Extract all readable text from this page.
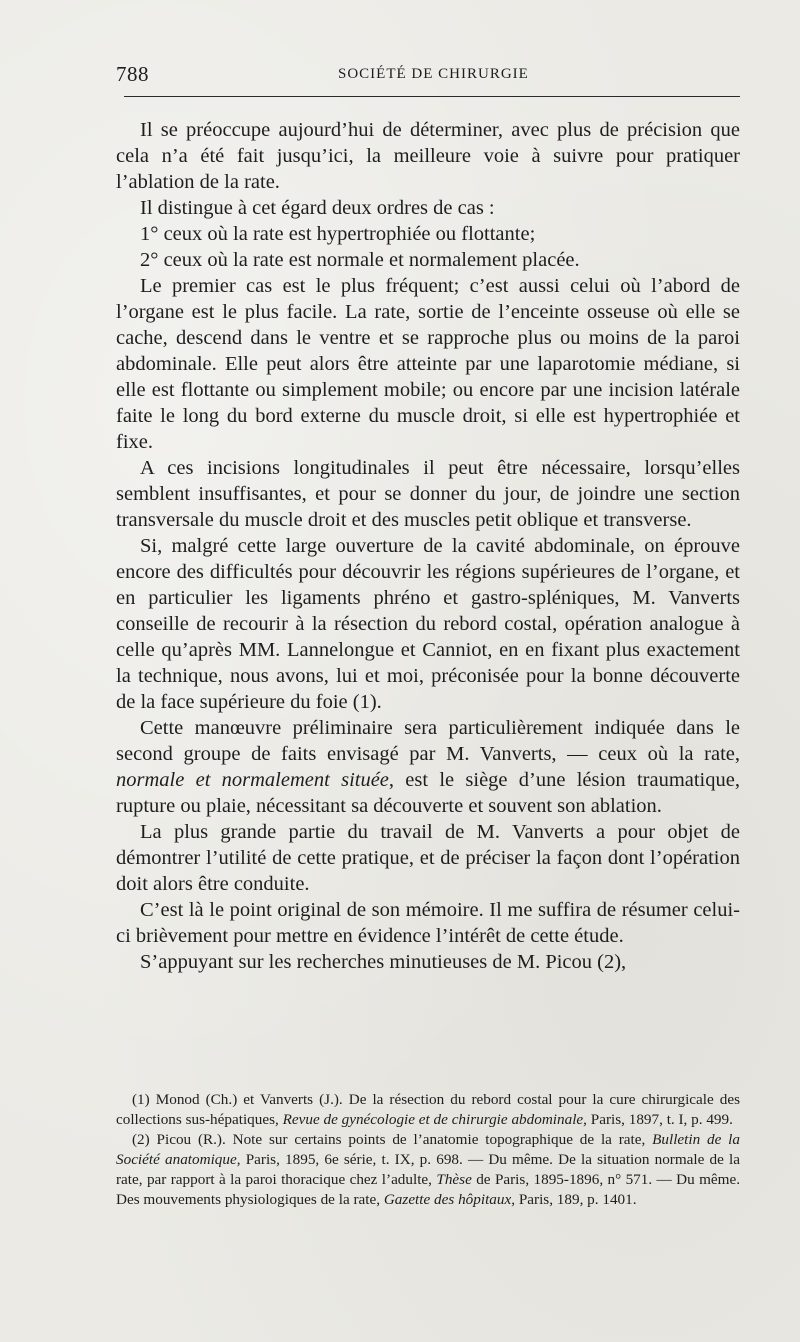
788	SOCIÉTÉ DE CHIRURGIE

Il se préoccupe aujourd’hui de déterminer, avec plus de précision que cela n’a été fait jusqu’ici, la meilleure voie à suivre pour pratiquer l’ablation de la rate.

Il distingue à cet égard deux ordres de cas :

1° ceux où la rate est hypertrophiée ou flottante;

2° ceux où la rate est normale et normalement placée.

Le premier cas est le plus fréquent; c’est aussi celui où l’abord de l’organe est le plus facile. La rate, sortie de l’enceinte osseuse où elle se cache, descend dans le ventre et se rapproche plus ou moins de la paroi abdominale. Elle peut alors être atteinte par une laparotomie médiane, si elle est flottante ou simplement mobile; ou encore par une incision latérale faite le long du bord externe du muscle droit, si elle est hypertrophiée et fixe.

A ces incisions longitudinales il peut être nécessaire, lorsqu’elles semblent insuffisantes, et pour se donner du jour, de joindre une section transversale du muscle droit et des muscles petit oblique et transverse.

Si, malgré cette large ouverture de la cavité abdominale, on éprouve encore des difficultés pour découvrir les régions supérieures de l’organe, et en particulier les ligaments phréno et gastro-spléniques, M. Vanverts conseille de recourir à la résection du rebord costal, opération analogue à celle qu’après MM. Lannelongue et Canniot, en en fixant plus exactement la technique, nous avons, lui et moi, préconisée pour la bonne découverte de la face supérieure du foie (1).

Cette manœuvre préliminaire sera particulièrement indiquée dans le second groupe de faits envisagé par M. Vanverts, — ceux où la rate, normale et normalement située, est le siège d’une lésion traumatique, rupture ou plaie, nécessitant sa découverte et souvent son ablation.

La plus grande partie du travail de M. Vanverts a pour objet de démontrer l’utilité de cette pratique, et de préciser la façon dont l’opération doit alors être conduite.

C’est là le point original de son mémoire. Il me suffira de résumer celui-ci brièvement pour mettre en évidence l’intérêt de cette étude.

S’appuyant sur les recherches minutieuses de M. Picou (2),

(1) Monod (Ch.) et Vanverts (J.). De la résection du rebord costal pour la cure chirurgicale des collections sus-hépatiques, Revue de gynécologie et de chirurgie abdominale, Paris, 1897, t. I, p. 499.

(2) Picou (R.). Note sur certains points de l’anatomie topographique de la rate, Bulletin de la Société anatomique, Paris, 1895, 6e série, t. IX, p. 698. — Du même. De la situation normale de la rate, par rapport à la paroi thoracique chez l’adulte, Thèse de Paris, 1895-1896, n° 571. — Du même. Des mouvements physiologiques de la rate, Gazette des hôpitaux, Paris, 189, p. 1401.
